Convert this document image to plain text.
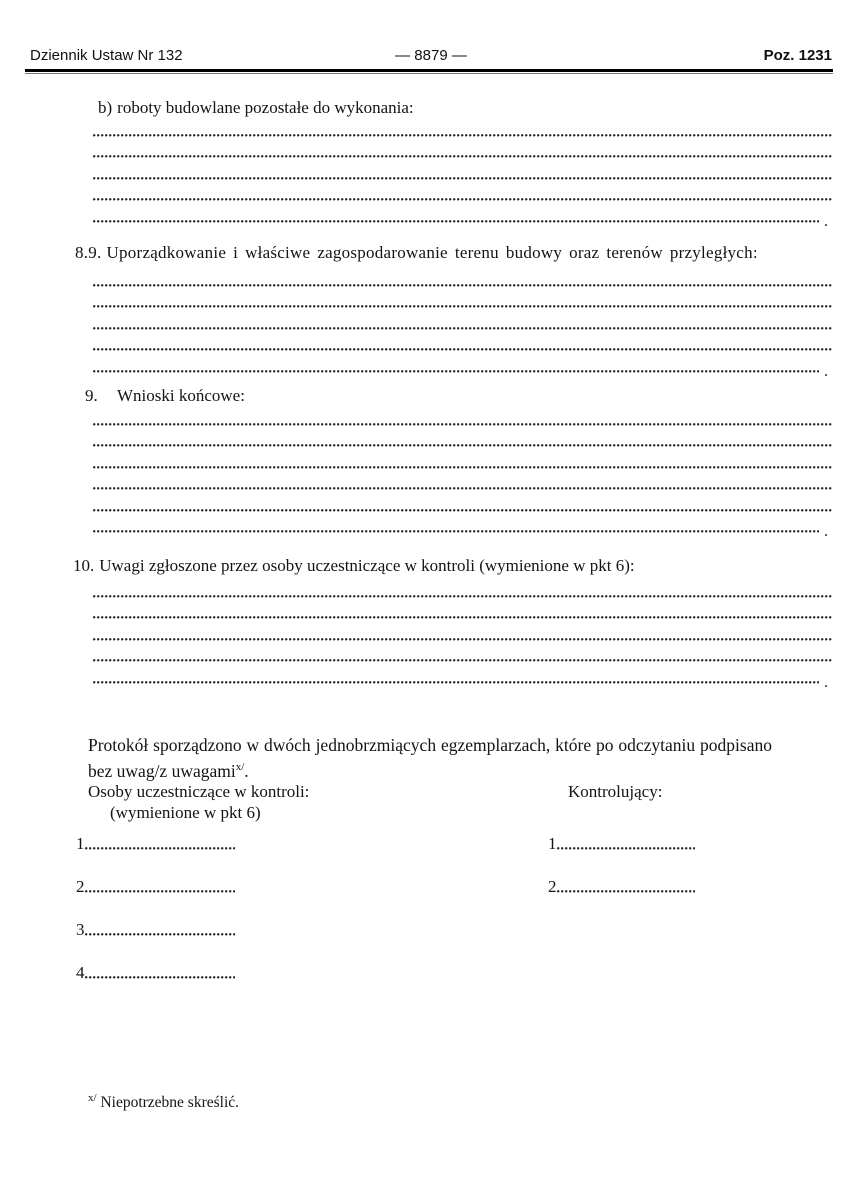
Dziennik Ustaw Nr 132	— 8879 —	Poz. 1231
b) roboty budowlane pozostałe do wykonania:
.
8.9. Uporządkowanie i właściwe zagospodarowanie terenu budowy oraz terenów przyległych:
.
9. Wnioski końcowe:
.
10. Uwagi zgłoszone przez osoby uczestniczące w kontroli (wymienione w pkt 6):
.

Protokół sporządzono w dwóch jednobrzmiących egzemplarzach, które po odczytaniu podpisano bez uwag/z uwagami$^{x/}$.

Osoby uczestniczące w kontroli:
(wymienione w pkt 6)
1
2
3
4
Kontrolujący:
1
2
$^{x/}$ Niepotrzebne skreślić.
